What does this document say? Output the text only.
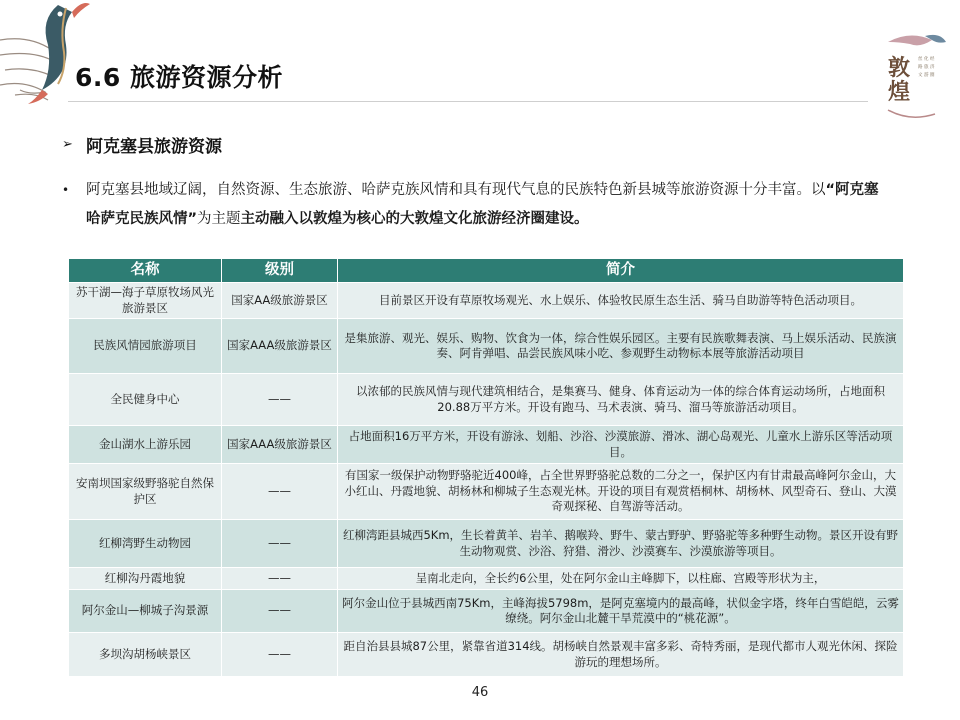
丝
路
文
化
旅
游
经
济
圈
敦煌
6.6 旅游资源分析
➢ 阿克塞县旅游资源
• 阿克塞县地域辽阔，自然资源、生态旅游、哈萨克族风情和具有现代气息的民族特色新县城等旅游资源十分丰富。以“阿克塞哈萨克民族风情”为主题主动融入以敦煌为核心的大敦煌文化旅游经济圈建设。
名称	级别	简介
苏干湖—海子草原牧场风光旅游景区	国家AA级旅游景区	目前景区开设有草原牧场观光、水上娱乐、体验牧民原生态生活、骑马自助游等特色活动项目。
民族风情园旅游项目	国家AAA级旅游景区	是集旅游、观光、娱乐、购物、饮食为一体，综合性娱乐园区。主要有民族歌舞表演、马上娱乐活动、民族演奏、阿肯弹唱、品尝民族风味小吃、参观野生动物标本展等旅游活动项目
全民健身中心	——	以浓郁的民族风情与现代建筑相结合，是集赛马、健身、体育运动为一体的综合体育运动场所，占地面积20.88万平方米。开设有跑马、马术表演、骑马、溜马等旅游活动项目。
金山湖水上游乐园	国家AAA级旅游景区	占地面积16万平方米，开设有游泳、划船、沙浴、沙漠旅游、滑冰、湖心岛观光、儿童水上游乐区等活动项目。
安南坝国家级野骆驼自然保护区	——	有国家一级保护动物野骆驼近400峰，占全世界野骆驼总数的二分之一，保护区内有甘肃最高峰阿尔金山，大小红山、丹霞地貌、胡杨林和柳城子生态观光林。开设的项目有观赏梧桐林、胡杨林、风型奇石、登山、大漠奇观探秘、自驾游等活动。
红柳湾野生动物园	——	红柳湾距县城西5Km，生长着黄羊、岩羊、鹅喉羚、野牛、蒙古野驴、野骆驼等多种野生动物。景区开设有野生动物观赏、沙浴、狩猎、滑沙、沙漠赛车、沙漠旅游等项目。
红柳沟丹霞地貌	——	呈南北走向，全长约6公里，处在阿尔金山主峰脚下，以柱廊、宫殿等形状为主，
阿尔金山—柳城子沟景源	——	阿尔金山位于县城西南75Km，主峰海拔5798m，是阿克塞境内的最高峰，状似金字塔，终年白雪皑皑，云雾缭绕。阿尔金山北麓干旱荒漠中的“桃花源”。
多坝沟胡杨峡景区	——	距自治县县城87公里，紧靠省道314线。胡杨峡自然景观丰富多彩、奇特秀丽，是现代都市人观光休闲、探险游玩的理想场所。
46
